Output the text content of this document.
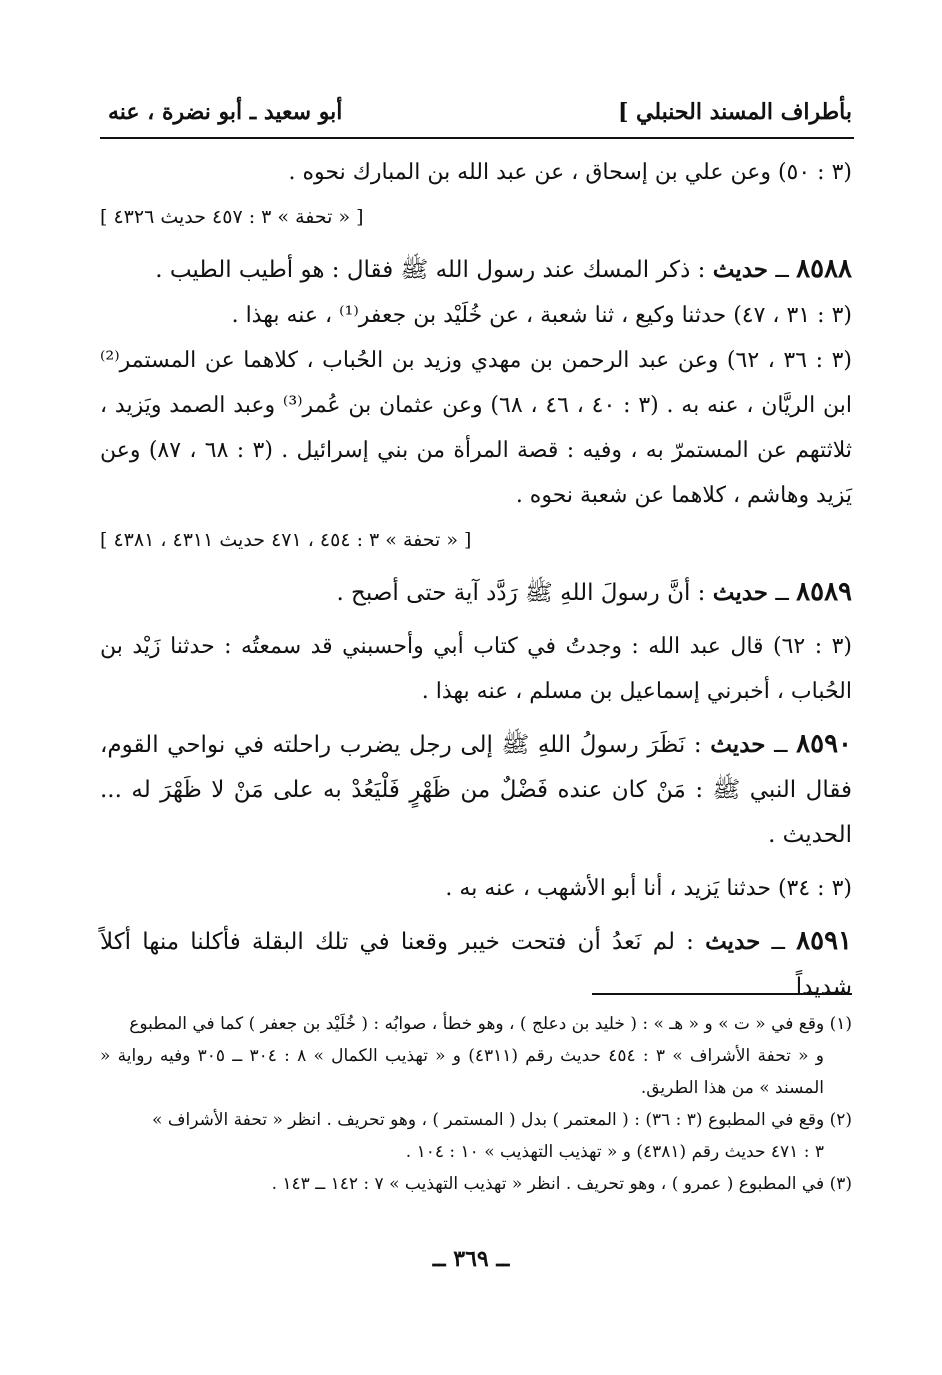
بأطراف المسند الحنبلي ]
أبو سعيد ـ أبو نضرة ، عنه

(٣ : ٥٠) وعن علي بن إسحاق ، عن عبد الله بن المبارك نحوه .

[ « تحفة » ٣ : ٤٥٧ حديث ٤٣٢٦ ]

٨٥٨٨ ــ حديث : ذكر المسك عند رسول الله ﷺ فقال : هو أطيب الطيب .

(٣ : ٣١ ، ٤٧) حدثنا وكيع ، ثنا شعبة ، عن خُلَيْد بن جعفر⁽¹⁾ ، عنه بهذا .

(٣ : ٣٦ ، ٦٢) وعن عبد الرحمن بن مهدي وزيد بن الحُباب ، كلاهما عن المستمر⁽²⁾ ابن الريَّان ، عنه به . (٣ : ٤٠ ، ٤٦ ، ٦٨) وعن عثمان بن عُمر⁽³⁾ وعبد الصمد ويَزيد ، ثلاثتهم عن المستمرّ به ، وفيه : قصة المرأة من بني إسرائيل . (٣ : ٦٨ ، ٨٧) وعن يَزيد وهاشم ، كلاهما عن شعبة نحوه .

[ « تحفة » ٣ : ٤٥٤ ، ٤٧١ حديث ٤٣١١ ، ٤٣٨١ ]

٨٥٨٩ ــ حديث : أنَّ رسولَ اللهِ ﷺ رَدَّد آية حتى أصبح .

(٣ : ٦٢) قال عبد الله : وجدتُ في كتاب أبي وأحسبني قد سمعتُه : حدثنا زَيْد بن الحُباب ، أخبرني إسماعيل بن مسلم ، عنه بهذا .

٨٥٩٠ ــ حديث : نَظَرَ رسولُ اللهِ ﷺ إلى رجل يضرب راحلته في نواحي القوم، فقال النبي ﷺ : مَنْ كان عنده فَضْلٌ من ظَهْرٍ فَلْيَعُدْ به على مَنْ لا ظَهْرَ له ... الحديث .

(٣ : ٣٤) حدثنا يَزيد ، أنا أبو الأشهب ، عنه به .

٨٥٩١ ــ حديث : لم نَعدُ أن فتحت خيبر وقعنا في تلك البقلة فأكلنا منها أكلاً شديداً

(١) وقع في « ت » و « هـ » : ( خليد بن دعلج ) ، وهو خطأ ، صوابُه : ( خُلَيْد بن جعفر ) كما في المطبوع
و « تحفة الأشراف » ٣ : ٤٥٤ حديث رقم (٤٣١١) و « تهذيب الكمال » ٨ : ٣٠٤ ــ ٣٠٥ وفيه رواية « المسند » من هذا الطريق.

(٢) وقع في المطبوع (٣ : ٣٦) : ( المعتمر ) بدل ( المستمر ) ، وهو تحريف . انظر « تحفة الأشراف »
٣ : ٤٧١ حديث رقم (٤٣٨١) و « تهذيب التهذيب » ١٠ : ١٠٤ .

(٣) في المطبوع ( عمرو ) ، وهو تحريف . انظر « تهذيب التهذيب » ٧ : ١٤٢ ــ ١٤٣ .

ــ ٣٦٩ ــ
